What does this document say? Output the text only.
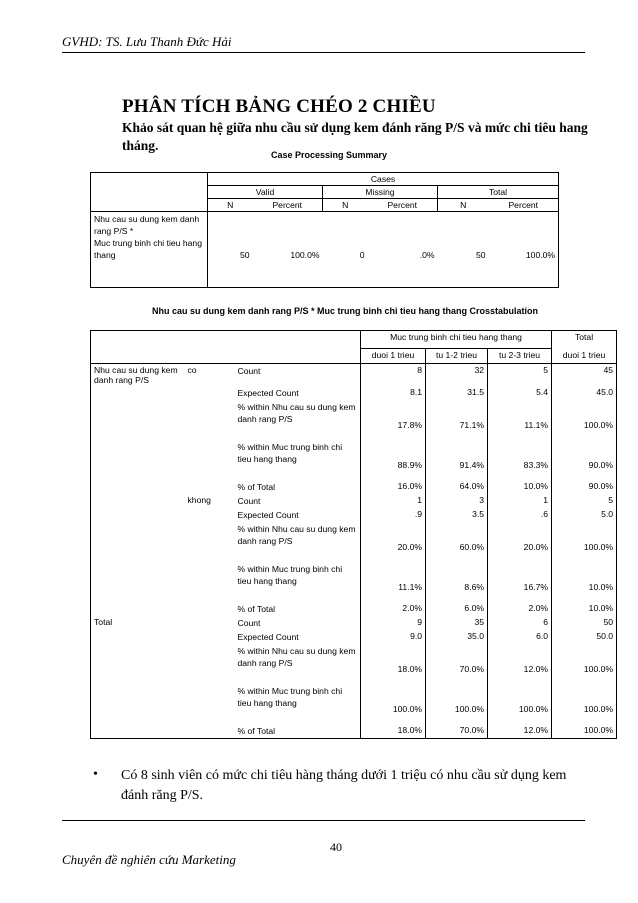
GVHD: TS. Lưu Thanh Đức Hải
PHÂN TÍCH BẢNG CHÉO 2 CHIỀU
Khảo sát quan hệ giữa nhu cầu sử dụng kem đánh răng P/S và mức chi tiêu hang tháng.
Case Processing Summary
	Cases					
	Valid		Missing		Total	
	N	Percent	N	Percent	N	Percent
Nhu cau su dung kem danh rang P/S *
Muc trung binh chi tieu hang thang	50	100.0%	0	.0%	50	100.0%
Nhu cau su dung kem danh rang P/S * Muc trung binh chi tieu hang thang Crosstabulation
			Muc trung binh chi tieu hang thang			Total
			duoi 1 trieu	tu 1-2 trieu	tu 2-3 trieu	duoi 1 trieu
Nhu cau su dung kem danh rang P/S	co	Count	8	32	5	45
		Expected Count	8.1	31.5	5.4	45.0
		% within Nhu cau su dung kem danh rang P/S	17.8%	71.1%	11.1%	100.0%
		% within Muc trung binh chi tieu hang thang	88.9%	91.4%	83.3%	90.0%
		% of Total	16.0%	64.0%	10.0%	90.0%
	khong	Count	1	3	1	5
		Expected Count	.9	3.5	.6	5.0
		% within Nhu cau su dung kem danh rang P/S	20.0%	60.0%	20.0%	100.0%
		% within Muc trung binh chi tieu hang thang	11.1%	8.6%	16.7%	10.0%
		% of Total	2.0%	6.0%	2.0%	10.0%
Total		Count	9	35	6	50
		Expected Count	9.0	35.0	6.0	50.0
		% within Nhu cau su dung kem danh rang P/S	18.0%	70.0%	12.0%	100.0%
		% within Muc trung binh chi tieu hang thang	100.0%	100.0%	100.0%	100.0%
		% of Total	18.0%	70.0%	12.0%	100.0%
• Có 8 sinh viên có mức chi tiêu hàng tháng dưới 1 triệu có nhu cầu sử dụng kem đánh răng P/S.
40
Chuyên đề nghiên cứu Marketing
